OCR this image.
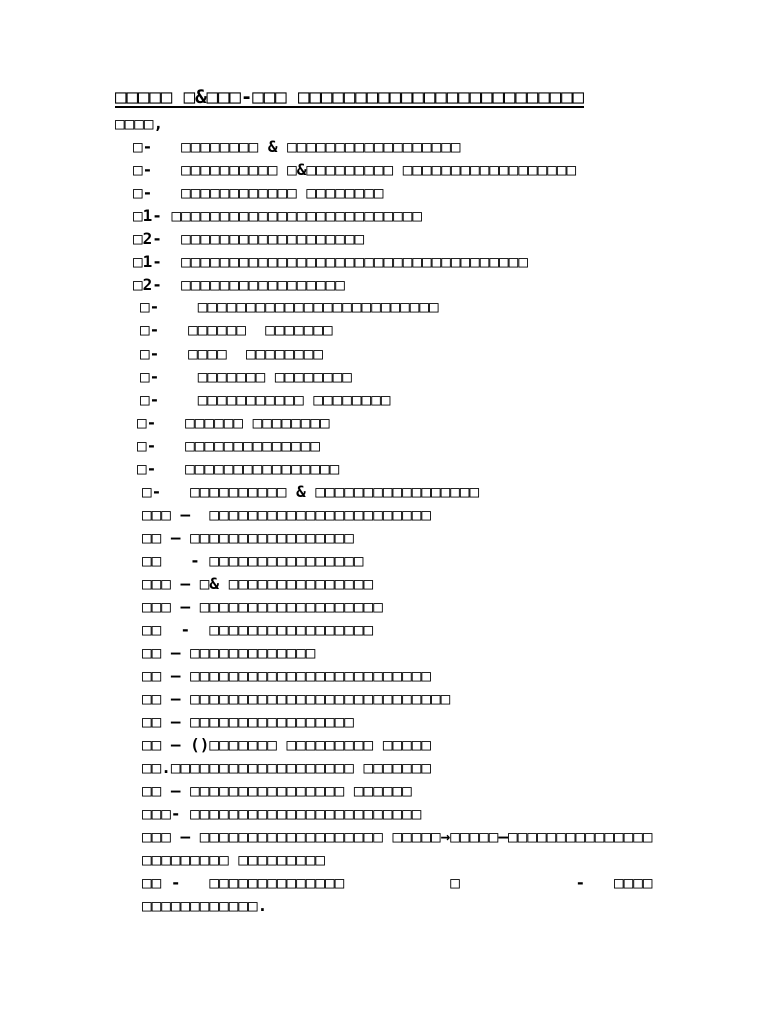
□□□□□ □&□□□-□□□ □□□□□□□□□□□□□□□□□□□□□□□□□
□□□□,
□-   □□□□□□□□ & □□□□□□□□□□□□□□□□□□
□-   □□□□□□□□□□ □&□□□□□□□□□ □□□□□□□□□□□□□□□□□□
□-   □□□□□□□□□□□□ □□□□□□□□
□1- □□□□□□□□□□□□□□□□□□□□□□□□□□
□2-  □□□□□□□□□□□□□□□□□□□
□1-  □□□□□□□□□□□□□□□□□□□□□□□□□□□□□□□□□□□□
□2-  □□□□□□□□□□□□□□□□□
□-    □□□□□□□□□□□□□□□□□□□□□□□□□
□-   □□□□□□  □□□□□□□
□-   □□□□  □□□□□□□□
□-    □□□□□□□ □□□□□□□□
□-    □□□□□□□□□□□ □□□□□□□□
□-   □□□□□□ □□□□□□□□
□-   □□□□□□□□□□□□□□
□-   □□□□□□□□□□□□□□□□
□-   □□□□□□□□□□ & □□□□□□□□□□□□□□□□□
□□□ –  □□□□□□□□□□□□□□□□□□□□□□□
□□ – □□□□□□□□□□□□□□□□□
□□   - □□□□□□□□□□□□□□□□
□□□ – □& □□□□□□□□□□□□□□□
□□□ – □□□□□□□□□□□□□□□□□□□
□□  -  □□□□□□□□□□□□□□□□□
□□ – □□□□□□□□□□□□□
□□ – □□□□□□□□□□□□□□□□□□□□□□□□□
□□ – □□□□□□□□□□□□□□□□□□□□□□□□□□□
□□ – □□□□□□□□□□□□□□□□□
□□ – ()□□□□□□□ □□□□□□□□□ □□□□□
□□.□□□□□□□□□□□□□□□□□□□ □□□□□□□
□□ – □□□□□□□□□□□□□□□□ □□□□□□
□□□- □□□□□□□□□□□□□□□□□□□□□□□□
□□□ – □□□□□□□□□□□□□□□□□□□ □□□□□→□□□□□–□□□□□□□□□□□□□□□
□□□□□□□□□ □□□□□□□□□
□□ -   □□□□□□□□□□□□□□           □            -   □□□□
□□□□□□□□□□□□.
